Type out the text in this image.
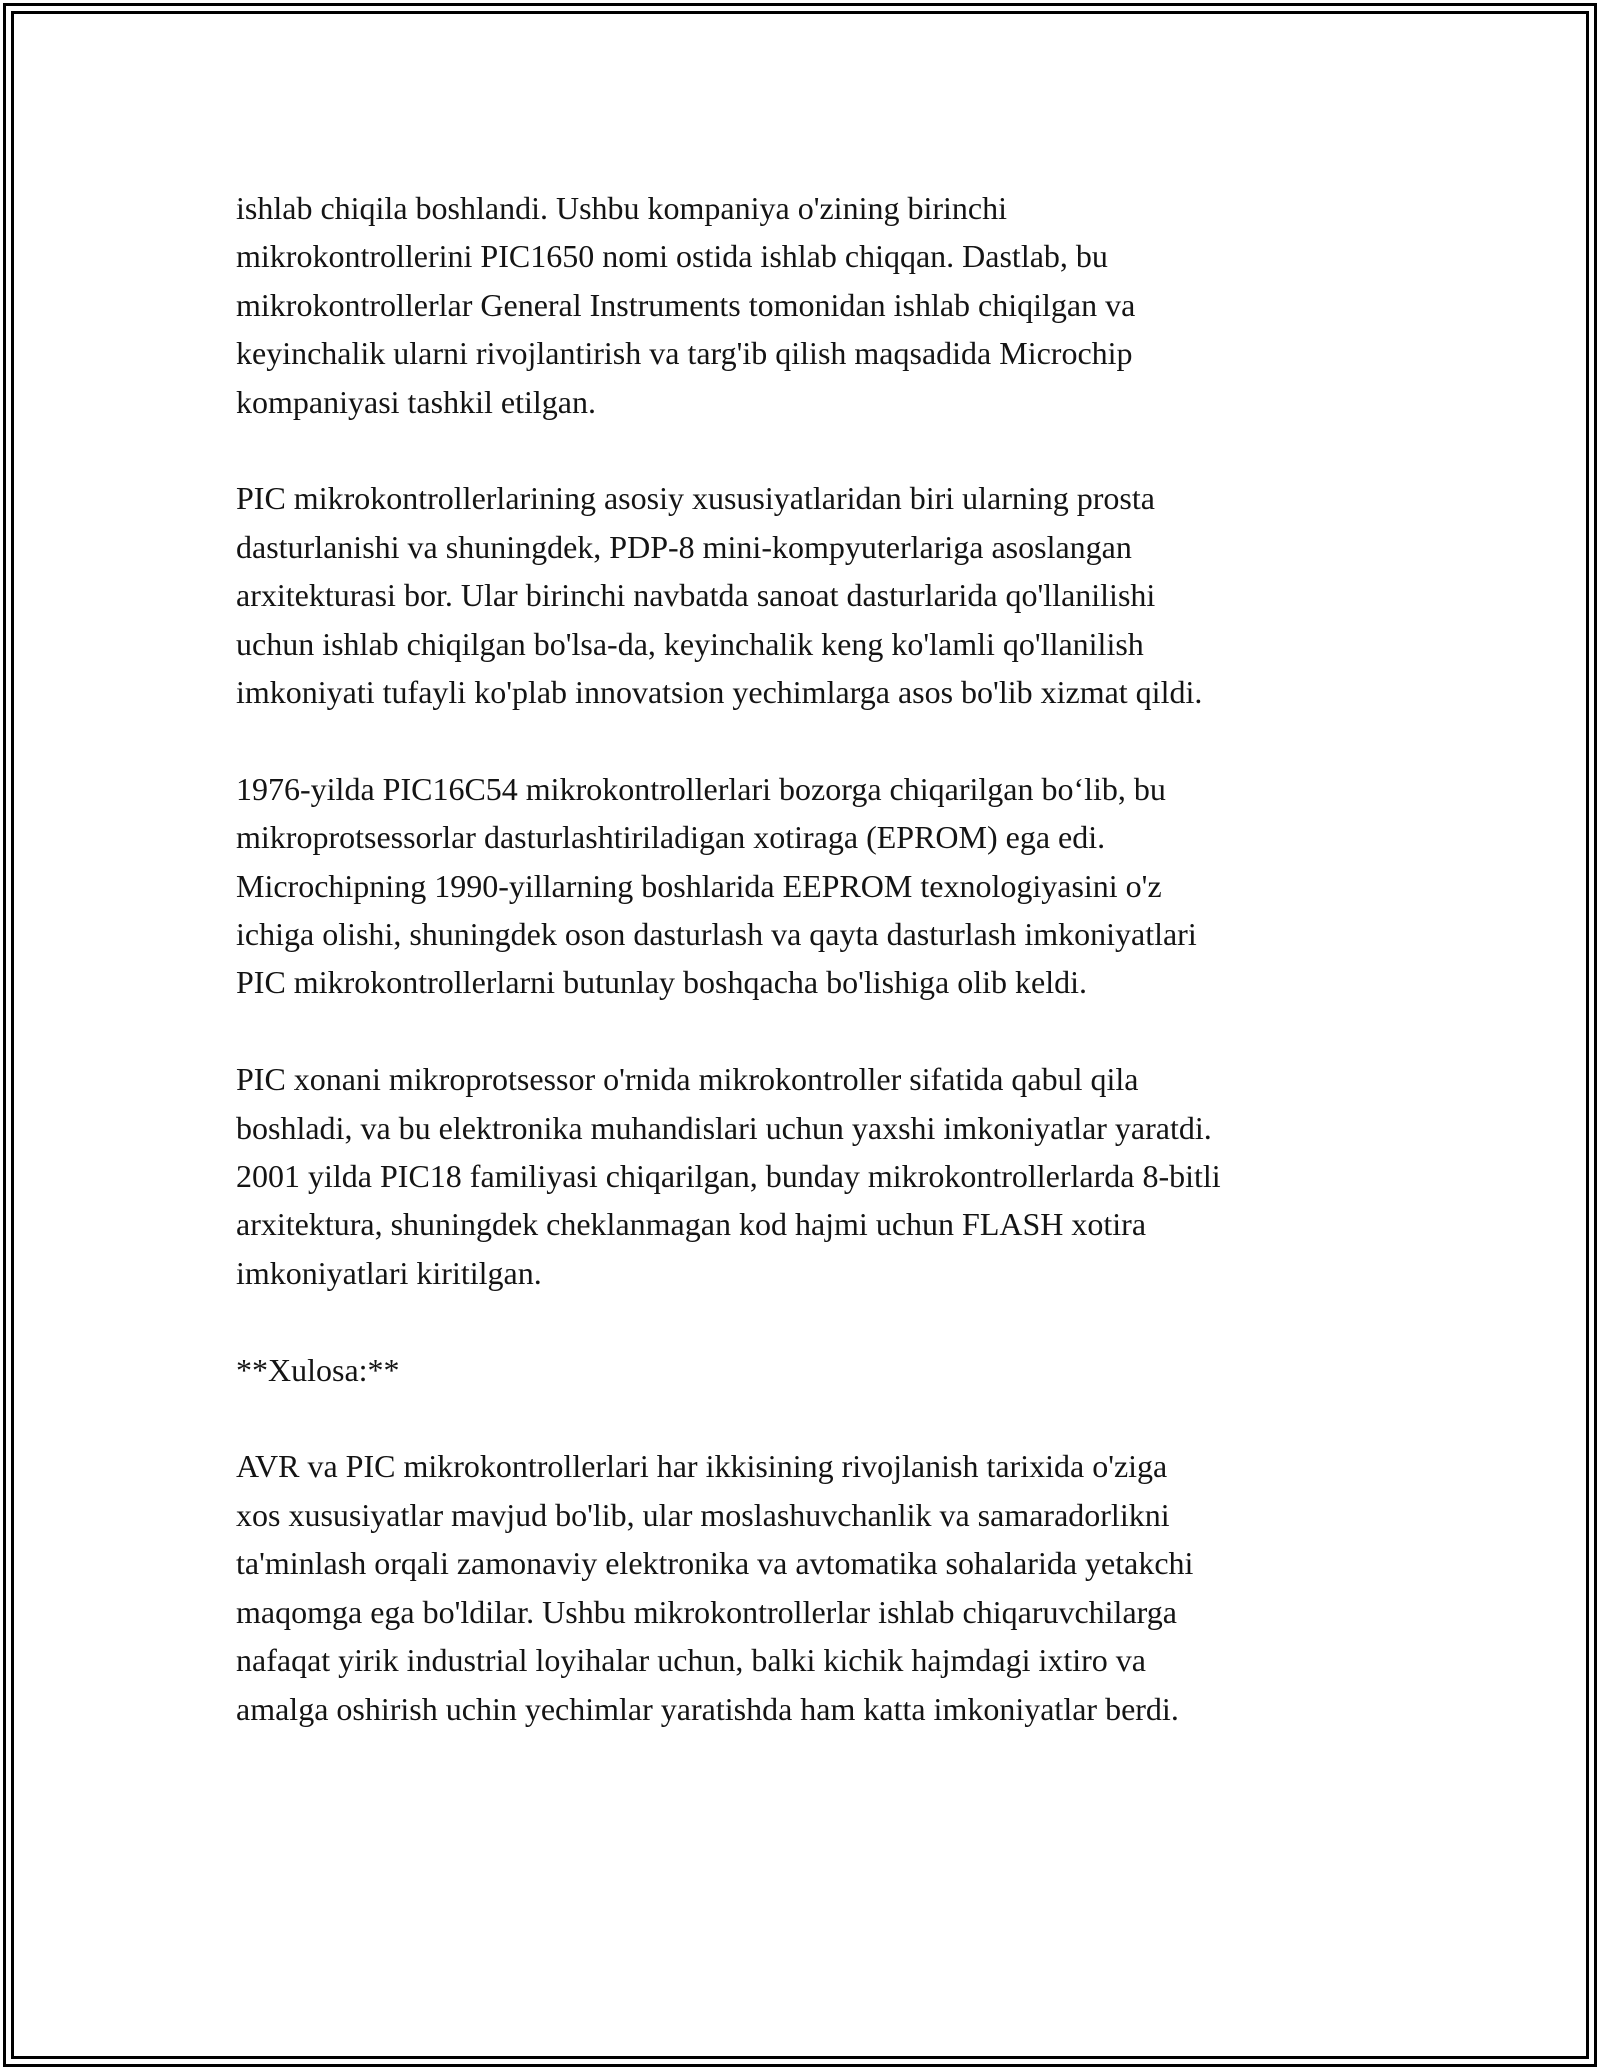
ishlab chiqila boshlandi. Ushbu kompaniya o'zining birinchi
mikrokontrollerini PIC1650 nomi ostida ishlab chiqqan. Dastlab, bu
mikrokontrollerlar General Instruments tomonidan ishlab chiqilgan va
keyinchalik ularni rivojlantirish va targ'ib qilish maqsadida Microchip
kompaniyasi tashkil etilgan.

PIC mikrokontrollerlarining asosiy xususiyatlaridan biri ularning prosta
dasturlanishi va shuningdek, PDP-8 mini-kompyuterlariga asoslangan
arxitekturasi bor. Ular birinchi navbatda sanoat dasturlarida qo'llanilishi
uchun ishlab chiqilgan bo'lsa-da, keyinchalik keng ko'lamli qo'llanilish
imkoniyati tufayli ko'plab innovatsion yechimlarga asos bo'lib xizmat qildi.

1976-yilda PIC16C54 mikrokontrollerlari bozorga chiqarilgan bo‘lib, bu
mikroprotsessorlar dasturlashtiriladigan xotiraga (EPROM) ega edi.
Microchipning 1990-yillarning boshlarida EEPROM texnologiyasini o'z
ichiga olishi, shuningdek oson dasturlash va qayta dasturlash imkoniyatlari
PIC mikrokontrollerlarni butunlay boshqacha bo'lishiga olib keldi.

PIC xonani mikroprotsessor o'rnida mikrokontroller sifatida qabul qila
boshladi, va bu elektronika muhandislari uchun yaxshi imkoniyatlar yaratdi.
2001 yilda PIC18 familiyasi chiqarilgan, bunday mikrokontrollerlarda 8-bitli
arxitektura, shuningdek cheklanmagan kod hajmi uchun FLASH xotira
imkoniyatlari kiritilgan.

**Xulosa:**

AVR va PIC mikrokontrollerlari har ikkisining rivojlanish tarixida o'ziga
xos xususiyatlar mavjud bo'lib, ular moslashuvchanlik va samaradorlikni
ta'minlash orqali zamonaviy elektronika va avtomatika sohalarida yetakchi
maqomga ega bo'ldilar. Ushbu mikrokontrollerlar ishlab chiqaruvchilarga
nafaqat yirik industrial loyihalar uchun, balki kichik hajmdagi ixtiro va
amalga oshirish uchin yechimlar yaratishda ham katta imkoniyatlar berdi.
